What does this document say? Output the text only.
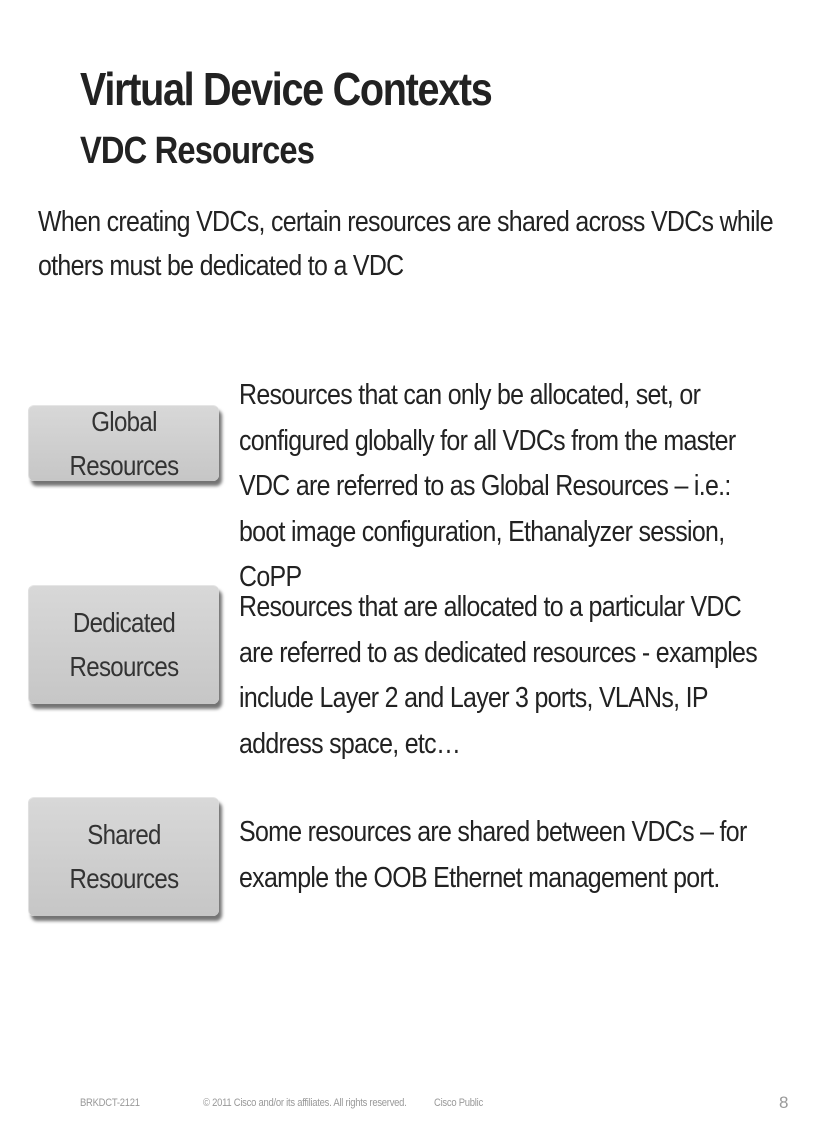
Virtual Device Contexts
VDC Resources
When creating VDCs, certain resources are shared across VDCs while others must be dedicated to a VDC
Global Resources
Resources that can only be allocated, set, or configured globally for all VDCs from the master VDC are referred to as Global Resources – i.e.: boot image configuration, Ethanalyzer session, CoPP
Dedicated Resources
Resources that are allocated to a particular VDC are referred to as dedicated resources - examples include Layer 2 and Layer 3 ports, VLANs, IP address space, etc…
Shared Resources
Some resources are shared between VDCs – for example the OOB Ethernet management port.
BRKDCT-2121	© 2011 Cisco and/or its affiliates. All rights reserved. Cisco Public	8
